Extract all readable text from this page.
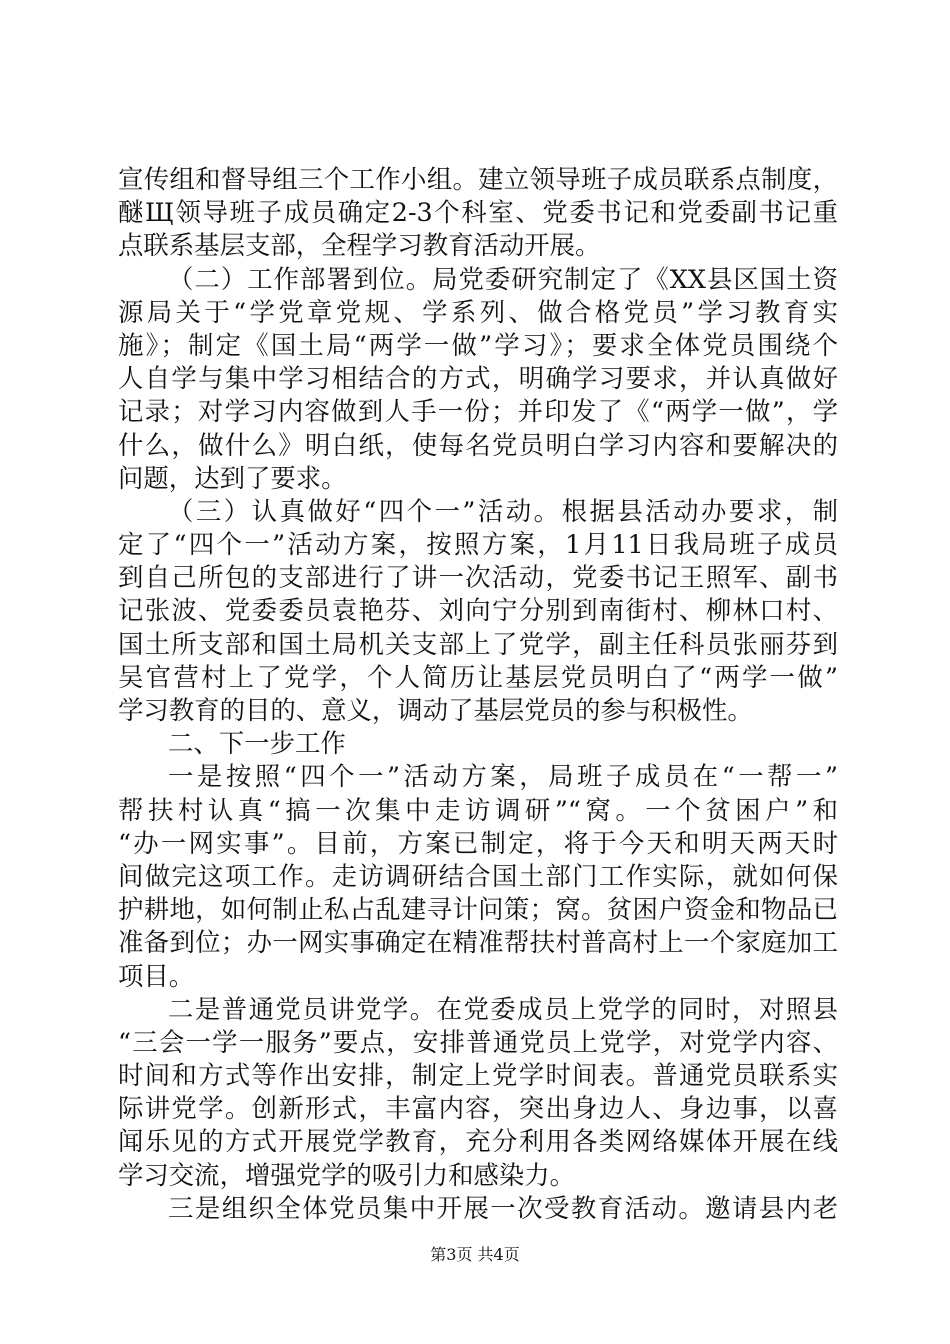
宣传组和督导组三个工作小组。建立领导班子成员联系点制度，
醚Щ领导班子成员确定2-3个科室、党委书记和党委副书记重
点联系基层支部，全程学习教育活动开展。
（二）工作部署到位。局党委研究制定了《XX县区国土资
源局关于“学党章党规、学系列、做合格党员”学习教育实
施》；制定《国土局“两学一做”学习》；要求全体党员围绕个
人自学与集中学习相结合的方式，明确学习要求，并认真做好
记录；对学习内容做到人手一份；并印发了《“两学一做”，学
什么，做什么》明白纸，使每名党员明白学习内容和要解决的
问题，达到了要求。
（三）认真做好“四个一”活动。根据县活动办要求，制
定了“四个一”活动方案，按照方案，1月11日我局班子成员
到自己所包的支部进行了讲一次活动，党委书记王照军、副书
记张波、党委委员袁艳芬、刘向宁分别到南街村、柳林口村、
国土所支部和国土局机关支部上了党学，副主任科员张丽芬到
吴官营村上了党学，个人简历让基层党员明白了“两学一做”
学习教育的目的、意义，调动了基层党员的参与积极性。
二、下一步工作
一是按照“四个一”活动方案，局班子成员在“一帮一”
帮扶村认真“搞一次集中走访调研”“窝。一个贫困户”和
“办一网实事”。目前，方案已制定，将于今天和明天两天时
间做完这项工作。走访调研结合国土部门工作实际，就如何保
护耕地，如何制止私占乱建寻计问策；窝。贫困户资金和物品已
准备到位；办一网实事确定在精准帮扶村普高村上一个家庭加工
项目。
二是普通党员讲党学。在党委成员上党学的同时，对照县
“三会一学一服务”要点，安排普通党员上党学，对党学内容、
时间和方式等作出安排，制定上党学时间表。普通党员联系实
际讲党学。创新形式，丰富内容，突出身边人、身边事，以喜
闻乐见的方式开展党学教育，充分利用各类网络媒体开展在线
学习交流，增强党学的吸引力和感染力。
三是组织全体党员集中开展一次受教育活动。邀请县内老
第3页 共4页
